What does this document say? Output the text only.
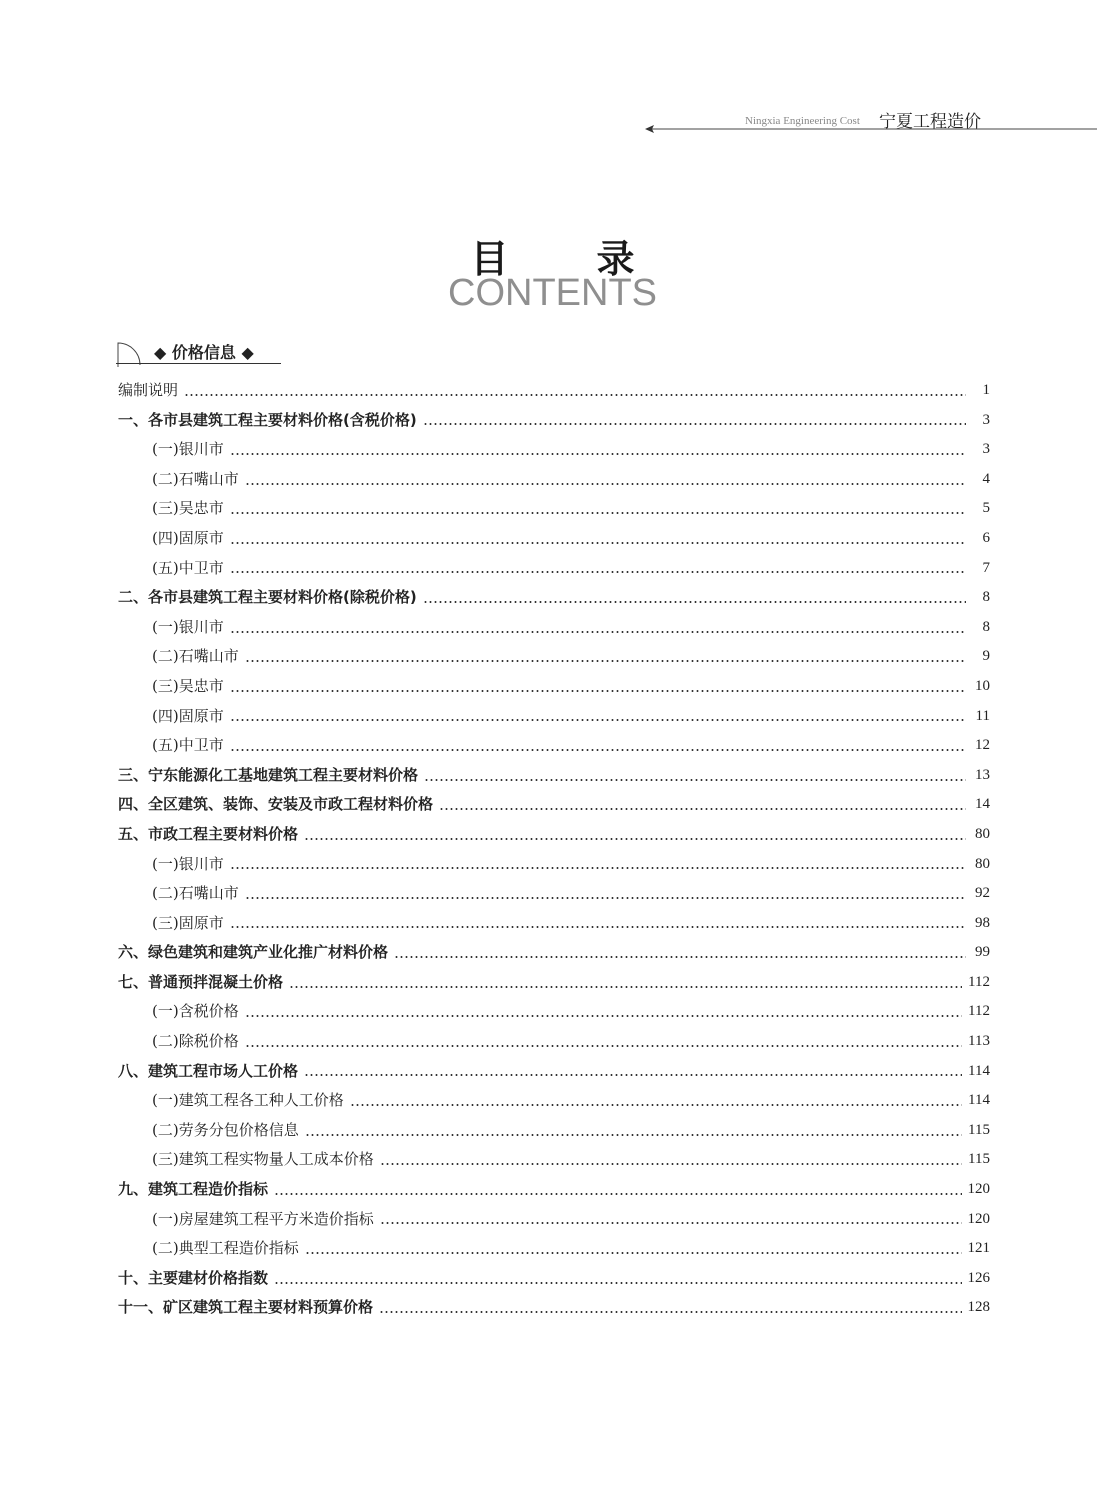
Ningxia Engineering Cost 宁夏工程造价
目录
CONTENTS
◆ 价格信息 ◆
编制说明	1
一、各市县建筑工程主要材料价格(含税价格)	3
(一)银川市	3
(二)石嘴山市	4
(三)吴忠市	5
(四)固原市	6
(五)中卫市	7
二、各市县建筑工程主要材料价格(除税价格)	8
(一)银川市	8
(二)石嘴山市	9
(三)吴忠市	10
(四)固原市	11
(五)中卫市	12
三、宁东能源化工基地建筑工程主要材料价格	13
四、全区建筑、装饰、安装及市政工程材料价格	14
五、市政工程主要材料价格	80
(一)银川市	80
(二)石嘴山市	92
(三)固原市	98
六、绿色建筑和建筑产业化推广材料价格	99
七、普通预拌混凝土价格	112
(一)含税价格	112
(二)除税价格	113
八、建筑工程市场人工价格	114
(一)建筑工程各工种人工价格	114
(二)劳务分包价格信息	115
(三)建筑工程实物量人工成本价格	115
九、建筑工程造价指标	120
(一)房屋建筑工程平方米造价指标	120
(二)典型工程造价指标	121
十、主要建材价格指数	126
十一、矿区建筑工程主要材料预算价格	128
